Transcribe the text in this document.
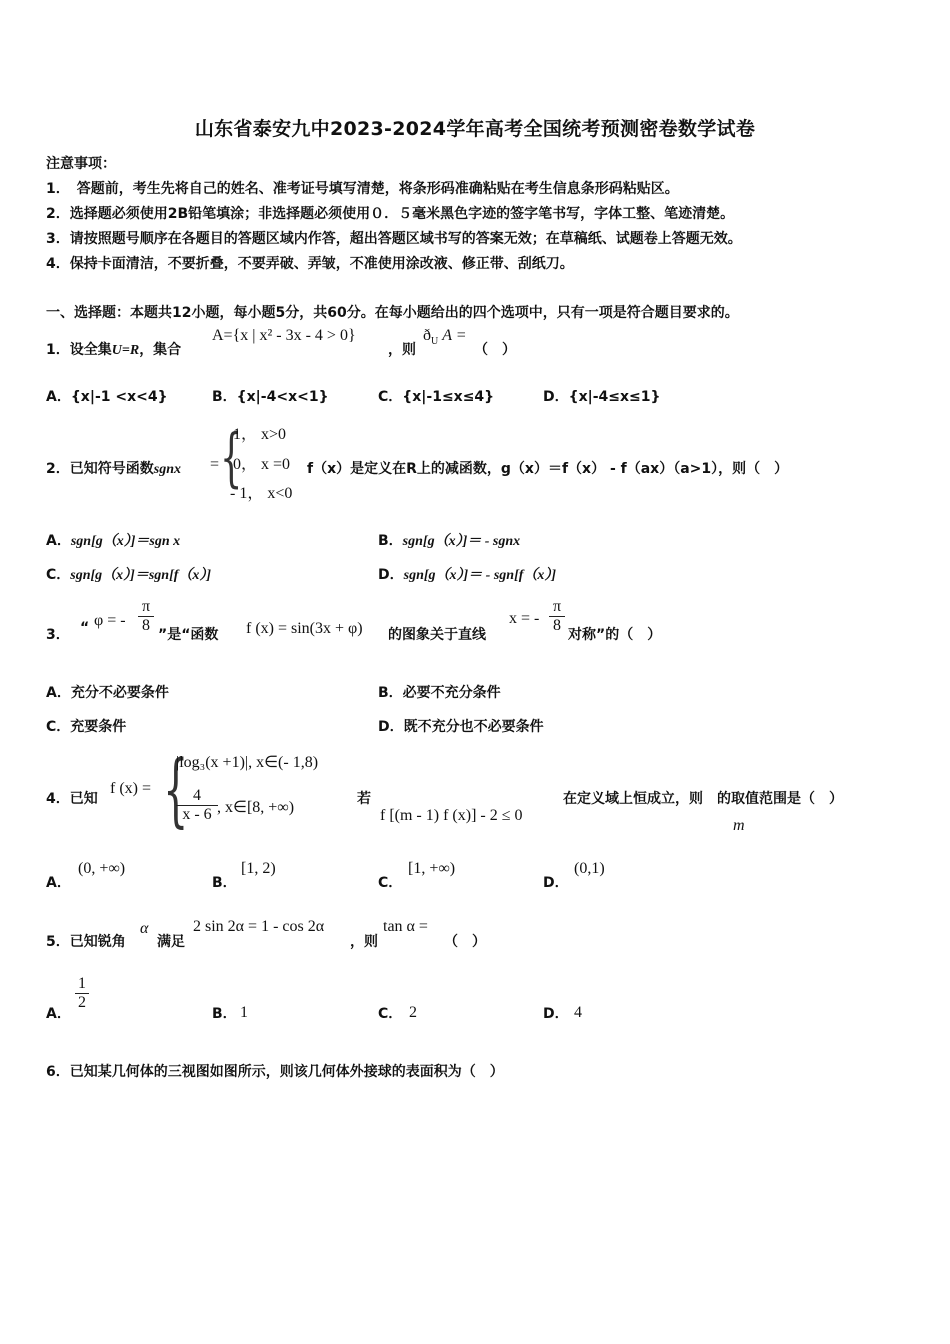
山东省泰安九中2023-2024学年高考全国统考预测密卷数学试卷
注意事项：
1．　答题前，考生先将自己的姓名、准考证号填写清楚，将条形码准确粘贴在考生信息条形码粘贴区。
2．选择题必须使用2B铅笔填涂；非选择题必须使用０．５毫米黑色字迹的签字笔书写，字体工整、笔迹清楚。
3．请按照题号顺序在各题目的答题区域内作答，超出答题区域书写的答案无效；在草稿纸、试题卷上答题无效。
4．保持卡面清洁，不要折叠，不要弄破、弄皱，不准使用涂改液、修正带、刮纸刀。
一、选择题：本题共12小题，每小题5分，共60分。在每小题给出的四个选项中，只有一项是符合题目要求的。
1．设全集U=R，集合
A={x | x² - 3x - 4 > 0}
，则
$ð_U$ A =
（　）
A．{x|-1 <x<4}	B．{x|-4<x<1}	C．{x|-1≤x≤4}	D．{x|-4≤x≤1}
2．已知符号函数sgnx = {
1， x>0
0， x =0
- 1， x<0
f（x）是定义在R上的减函数，g（x）＝f（x） - f（ax）（a>1），则（　）
A．sgn[g（x）]＝sgn x	B．sgn[g（x）]＝ - sgnx
C．sgn[g（x）]＝sgn[f（x）]	D．sgn[g（x）]＝ - sgn[f（x）]
3． “ φ = - $\frac{\pi}{8}$ ”是“函数 f (x) = sin(3x + φ) 的图象关于直线
x = - $\frac{\pi}{8}$ 对称”的（　）
A．充分不必要条件	B．必要不充分条件
C．充要条件	D．既不充分也不必要条件
4．已知
f (x) = {
|log₃(x +1)|, x∈(- 1,8)
$\frac{4}{x - 6}$ , x∈[8, +∞)	若
f [(m - 1) f (x)] - 2 ≤ 0
在定义域上恒成立，则　的取值范围是（　）
m
A．
(0, +∞)
B．
[1, 2)
C．
[1, +∞)
D．
(0,1)
5．已知锐角
α
满足
2 sin 2α = 1 - cos 2α
，则
tan α =
（　）
A．
$\frac{1}{2}$
B． 1	C． 2	D． 4
6．已知某几何体的三视图如图所示，则该几何体外接球的表面积为（　）
